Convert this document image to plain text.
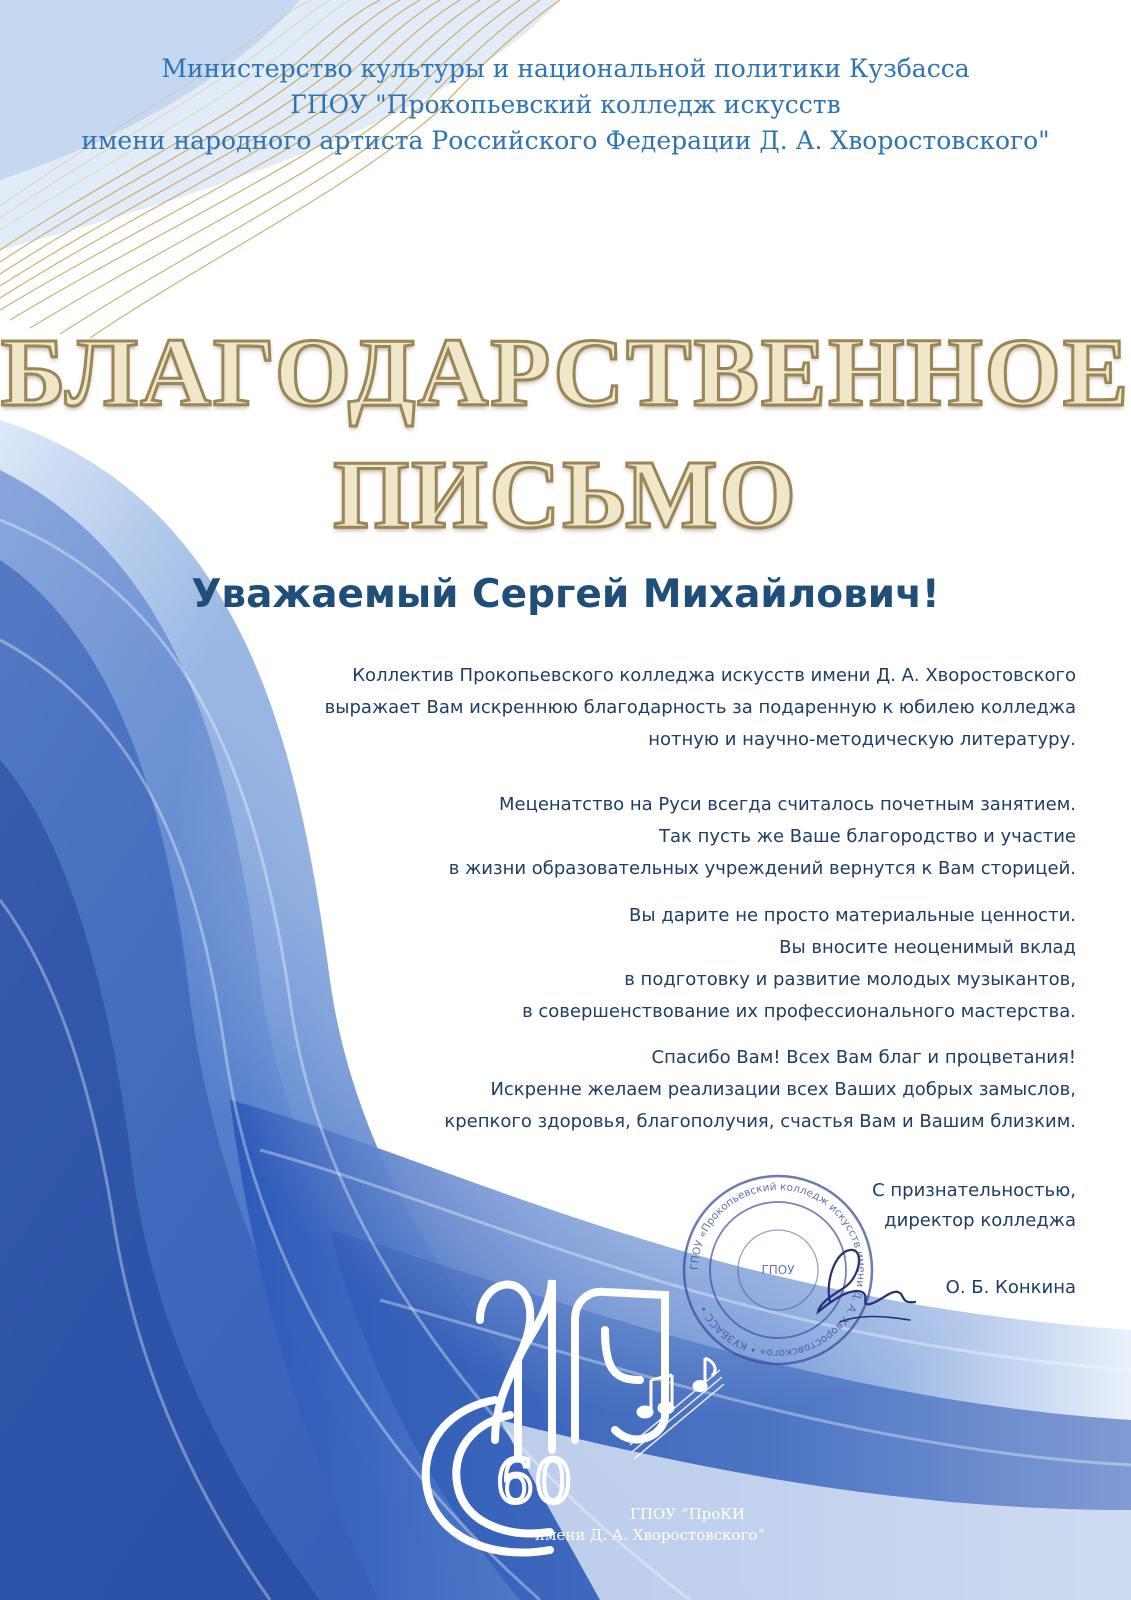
Министерство культуры и национальной политики Кузбасса
ГПОУ "Прокопьевский колледж искусств
имени народного артиста Российского Федерации Д. А. Хворостовского"
БЛАГОДАРСТВЕННОЕ
ПИСЬМО
Уважаемый Сергей Михайлович!
Коллектив Прокопьевского колледжа искусств имени Д. А. Хворостовского
выражает Вам искреннюю благодарность за подаренную к юбилею колледжа
нотную и научно-методическую литературу.
Меценатство на Руси всегда считалось почетным занятием.
Так пусть же Ваше благородство и участие
в жизни образовательных учреждений вернутся к Вам сторицей.
Вы дарите не просто материальные ценности.
Вы вносите неоценимый вклад
в подготовку и развитие молодых музыкантов,
в совершенствование их профессионального мастерства.
Спасибо Вам! Всех Вам благ и процветания!
Искренне желаем реализации всех Ваших добрых замыслов,
крепкого здоровья, благополучия, счастья Вам и Вашим близким.
С признательностью,
директор колледжа
О. Б. Конкина
ГПОУ «Прокопьевский колледж искусств имени Д. А. Хворостовского» • КУЗБАСС •
ГПОУ
60	ГПОУ “ПроКИ
имени Д. А. Хворостовского”
